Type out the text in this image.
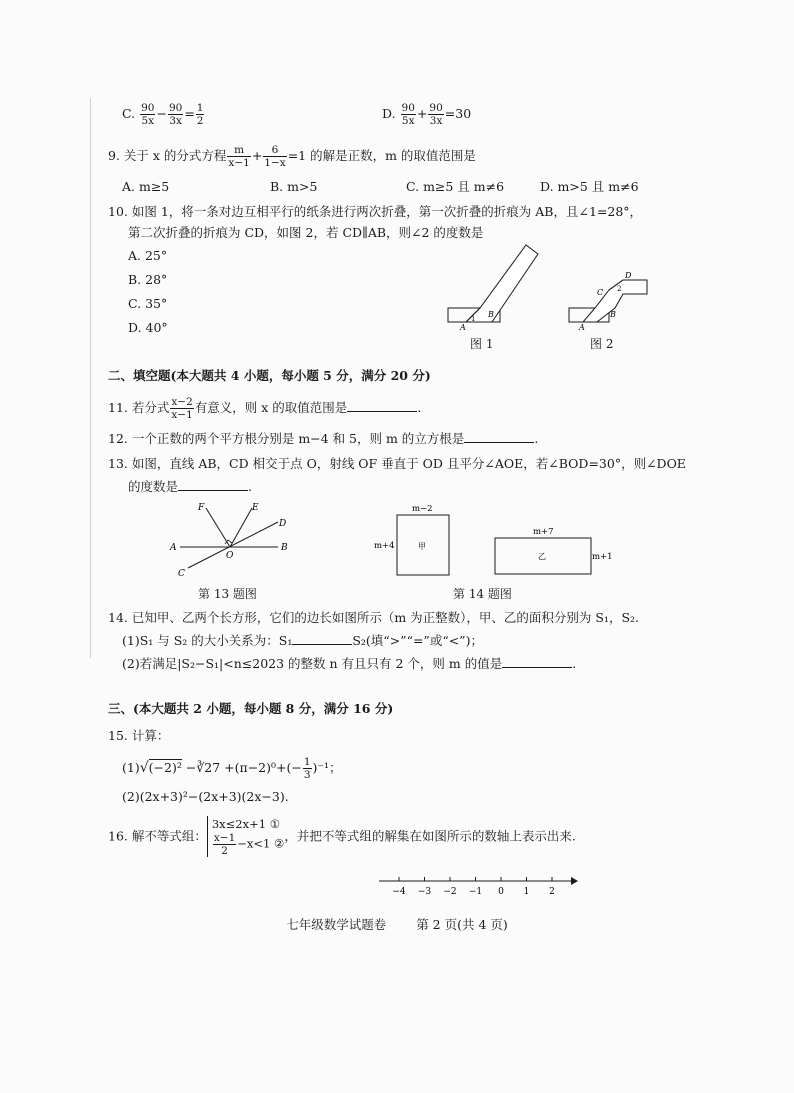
C. $\frac{90}{5x} - \frac{90}{3x} = \frac{1}{2}$	D. $\frac{90}{5x} + \frac{90}{3x} =30$
9. 关于 x 的分式方程 $\frac{m}{x-1} + \frac{6}{1-x} =1$ 的解是正数，m 的取值范围是
A. m≥5	B. m>5	C. m≥5 且 m≠6	D. m>5 且 m≠6
10. 如图 1，将一条对边互相平行的纸条进行两次折叠，第一次折叠的折痕为 AB，且∠1=28°，
第二次折叠的折痕为 CD，如图 2，若 CD∥AB，则∠2 的度数是
A. 25°
B. 28°
C. 35°
D. 40°	A
B
1
图 1
A
B
C
D
2
图 2
二、填空题(本大题共 4 小题，每小题 5 分，满分 20 分)
11. 若分式 $\frac{x-2}{x-1}$ 有意义，则 x 的取值范围是	.
12. 一个正数的两个平方根分别是 m−4 和 5，则 m 的立方根是	.
13. 如图，直线 AB，CD 相交于点 O，射线 OF 垂直于 OD 且平分∠AOE，若∠BOD=30°，则∠DOE
的度数是	.
A	B
C
D
E
F
O
第 13 题图
m−2
m+4	甲
m+7
m+1
乙
第 14 题图
14. 已知甲、乙两个长方形，它们的边长如图所示（m 为正整数），甲、乙的面积分别为 S₁，S₂.
(1)S₁ 与 S₂ 的大小关系为：S₁	S₂(填“>”“=”或“<”)；
(2)若满足|S₂−S₁|<n≤2023 的整数 n 有且只有 2 个，则 m 的值是	.
三、(本大题共 2 小题，每小题 8 分，满分 16 分)
15. 计算：
(1)√(−2)² −∛27 $+(\pi-2)^0+(- \frac{1}{3} )^{-1}$；
(2)(2x+3)²−(2x+3)(2x−3).
16. 解不等式组：
3x≤2x+1 ①
$\frac{x-1}{2} -x<1$ ② ，并把不等式组的解集在如图所示的数轴上表示出来.
−4 −3 −2 −1 0 1 2
七年级数学试题卷 第 2 页(共 4 页)
